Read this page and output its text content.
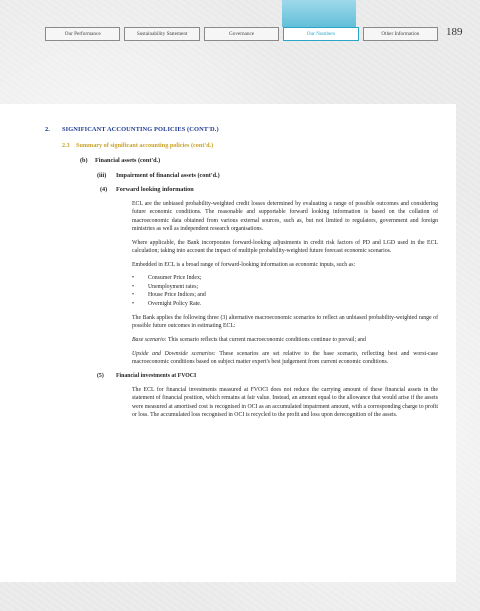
Our Performance	Sustainability Statement	Governance	Our Numbers	Other Information	189
2. SIGNIFICANT ACCOUNTING POLICIES (CONT'D.)
2.3 Summary of significant accounting policies (cont'd.)
(b) Financial assets (cont'd.)
(iii) Impairment of financial assets (cont'd.)
(4) Forward looking information

ECL are the unbiased probability-weighted credit losses determined by evaluating a range of possible outcomes and considering future economic conditions. The reasonable and supportable forward looking information is based on the collation of macroeconomic data obtained from various external sources, such as, but not limited to regulators, government and foreign ministries as well as independent research organisations.

Where applicable, the Bank incorporates forward-looking adjustments in credit risk factors of PD and LGD used in the ECL calculation; taking into account the impact of multiple probability-weighted future forecast economic scenarios.

Embedded in ECL is a broad range of forward-looking information as economic inputs, such as:

• Consumer Price Index;
• Unemployment rates;
• House Price Indices; and
• Overnight Policy Rate.

The Bank applies the following three (3) alternative macroeconomic scenarios to reflect an unbiased probability-weighted range of possible future outcomes in estimating ECL:

Base scenario: This scenario reflects that current macroeconomic conditions continue to prevail; and

Upside and Downside scenarios: These scenarios are set relative to the base scenario, reflecting best and worst-case macroeconomic conditions based on subject matter expert's best judgement from current economic conditions.

(5) Financial investments at FVOCI

The ECL for financial investments measured at FVOCI does not reduce the carrying amount of these financial assets in the statement of financial position, which remains at fair value. Instead, an amount equal to the allowance that would arise if the assets were measured at amortised cost is recognised in OCI as an accumulated impairment amount, with a corresponding charge to profit or loss. The accumulated loss recognised in OCI is recycled to the profit and loss upon derecognition of the assets.
